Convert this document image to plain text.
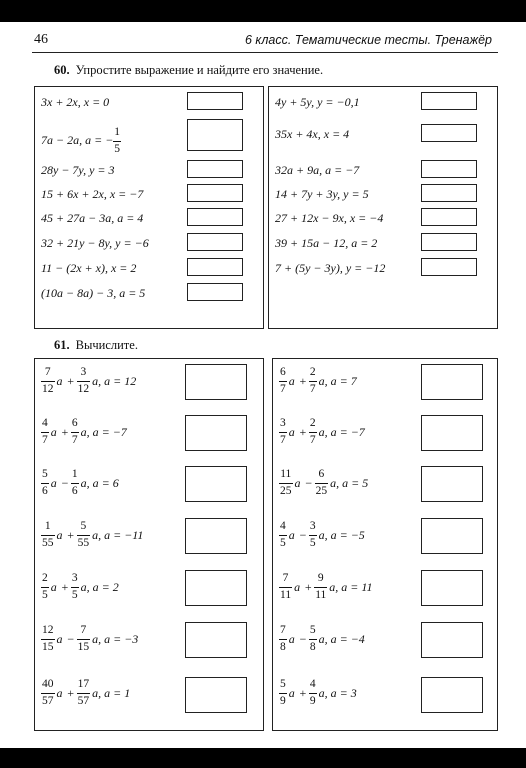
46	6 класс. Тематические тесты. Тренажёр
60. Упростите выражение и найдите его значение.
3x + 2x, x = 0
7a − 2a, a = − $\frac{1}{5}$
28y − 7y, y = 3
15 + 6x + 2x, x = −7
45 + 27a − 3a, a = 4
32 + 21y − 8y, y = −6
11 − (2x + x), x = 2
(10a − 8a) − 3, a = 5
4y + 5y, y = −0,1
35x + 4x, x = 4
32a + 9a, a = −7
14 + 7y + 3y, y = 5
27 + 12x − 9x, x = −4
39 + 15a − 12, a = 2
7 + (5y − 3y), y = −12
61. Вычислите.
$\frac{7}{12}$ $a + \frac{3}{12} a$, a = 12
$\frac{4}{7}$ $a + \frac{6}{7} a$, a = −7
$\frac{5}{6}$ $a - \frac{1}{6} a$, a = 6
$\frac{1}{55}$ $a + \frac{5}{55} a$, a = −11
$\frac{2}{5}$ $a + \frac{3}{5} a$, a = 2
$\frac{12}{15}$ $a - \frac{7}{15} a$, a = −3
$\frac{40}{57}$ $a + \frac{17}{57} a$, a = 1
$\frac{6}{7}$ $a + \frac{2}{7} a$, a = 7
$\frac{3}{7}$ $a + \frac{2}{7} a$, a = −7
$\frac{11}{25}$ $a - \frac{6}{25} a$, a = 5
$\frac{4}{5}$ $a - \frac{3}{5} a$, a = −5
$\frac{7}{11}$ $a + \frac{9}{11} a$, a = 11
$\frac{7}{8}$ $a - \frac{5}{8} a$, a = −4
$\frac{5}{9}$ $a + \frac{4}{9} a$, a = 3
